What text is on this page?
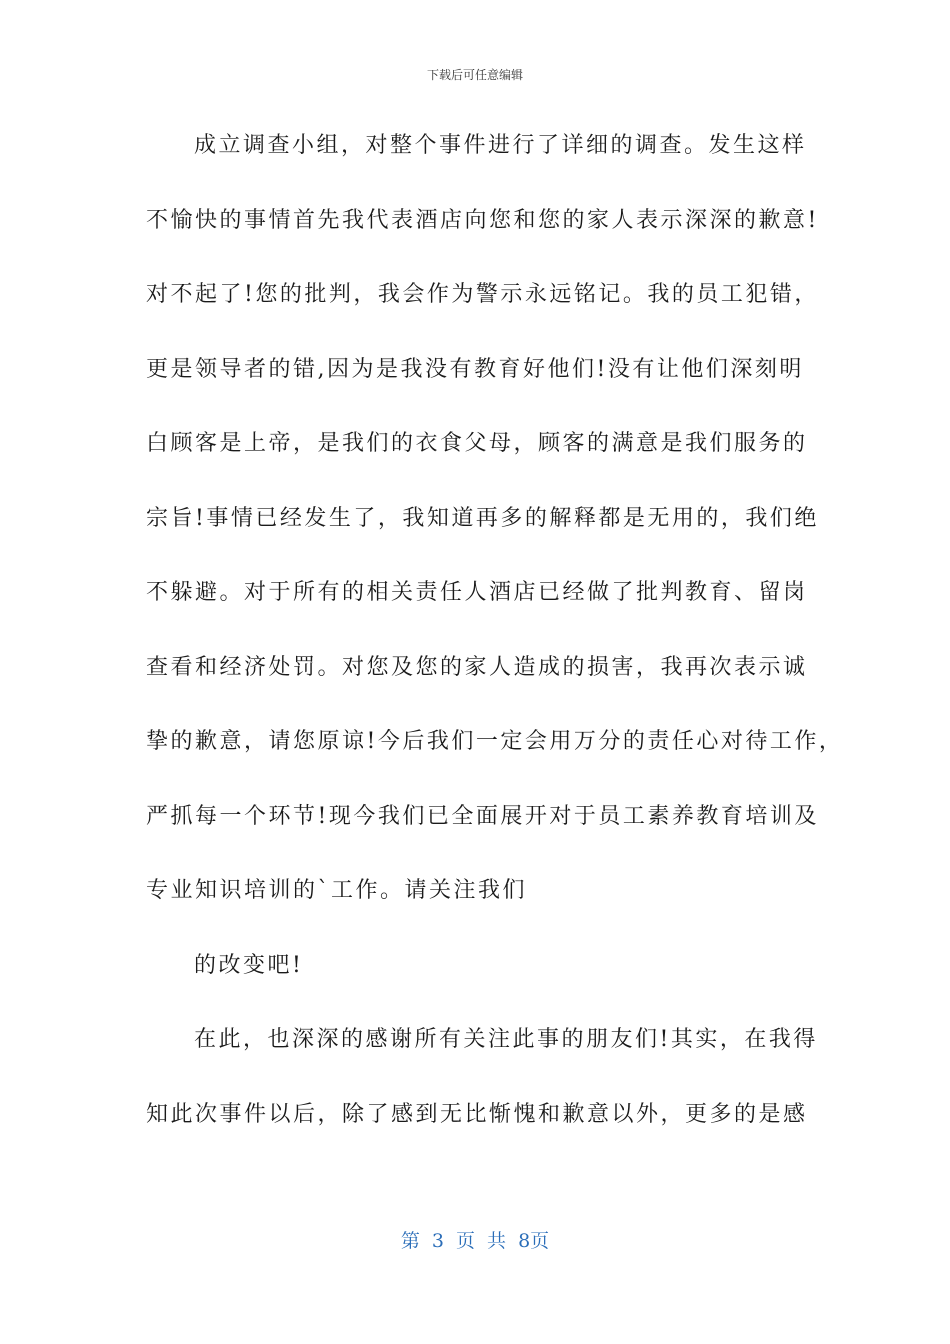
下载后可任意编辑
成立调查小组，对整个事件进行了详细的调查。发生这样
不愉快的事情首先我代表酒店向您和您的家人表示深深的歉意!
对不起了!您的批判，我会作为警示永远铭记。我的员工犯错，
更是领导者的错,因为是我没有教育好他们!没有让他们深刻明
白顾客是上帝，是我们的衣食父母，顾客的满意是我们服务的
宗旨!事情已经发生了，我知道再多的解释都是无用的，我们绝
不躲避。对于所有的相关责任人酒店已经做了批判教育、留岗
查看和经济处罚。对您及您的家人造成的损害，我再次表示诚
挚的歉意，请您原谅!今后我们一定会用万分的责任心对待工作，
严抓每一个环节!现今我们已全面展开对于员工素养教育培训及
专业知识培训的`工作。请关注我们
的改变吧!
在此，也深深的感谢所有关注此事的朋友们!其实，在我得
知此次事件以后，除了感到无比惭愧和歉意以外，更多的是感
第 3 页 共 8页
